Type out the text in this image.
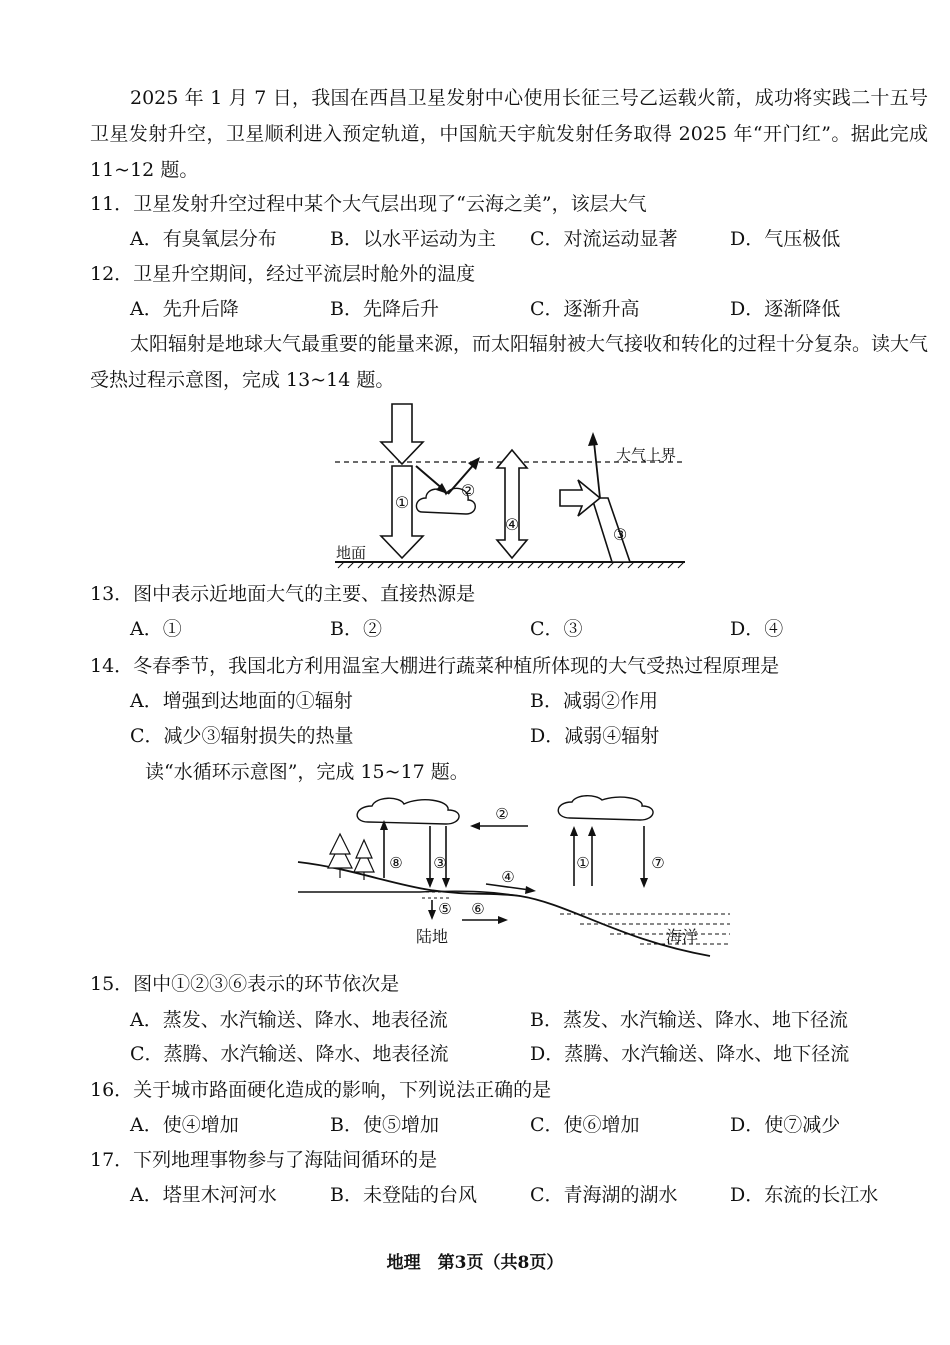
2025 年 1 月 7 日，我国在西昌卫星发射中心使用长征三号乙运载火箭，成功将实践二十五号卫星发射升空，卫星顺利进入预定轨道，中国航天宇航发射任务取得 2025 年“开门红”。据此完成 11~12 题。
11．卫星发射升空过程中某个大气层出现了“云海之美”，该层大气
A．有臭氧层分布	B．以水平运动为主 C．对流运动显著	D．气压极低
12．卫星升空期间，经过平流层时舱外的温度
A．先升后降	B．先降后升	C．逐渐升高	D．逐渐降低
太阳辐射是地球大气最重要的能量来源，而太阳辐射被大气接收和转化的过程十分复杂。读大气受热过程示意图，完成 13~14 题。
大气上界
地面
①
②
④
③
13．图中表示近地面大气的主要、直接热源是
A．①	B．②	C．③	D．④
14．冬春季节，我国北方利用温室大棚进行蔬菜种植所体现的大气受热过程原理是
A．增强到达地面的①辐射	B．减弱②作用
C．减少③辐射损失的热量	D．减弱④辐射
读“水循环示意图”，完成 15~17 题。
②
⑧ ③
⑤ ⑥
④
①	⑦
陆地	海洋
15．图中①②③⑥表示的环节依次是
A．蒸发、水汽输送、降水、地表径流	B．蒸发、水汽输送、降水、地下径流
C．蒸腾、水汽输送、降水、地表径流	D．蒸腾、水汽输送、降水、地下径流
16．关于城市路面硬化造成的影响，下列说法正确的是
A．使④增加	B．使⑤增加	C．使⑥增加	D．使⑦减少
17．下列地理事物参与了海陆间循环的是
A．塔里木河河水	B．未登陆的台风	C．青海湖的湖水	D．东流的长江水
地理　第3页（共8页）
